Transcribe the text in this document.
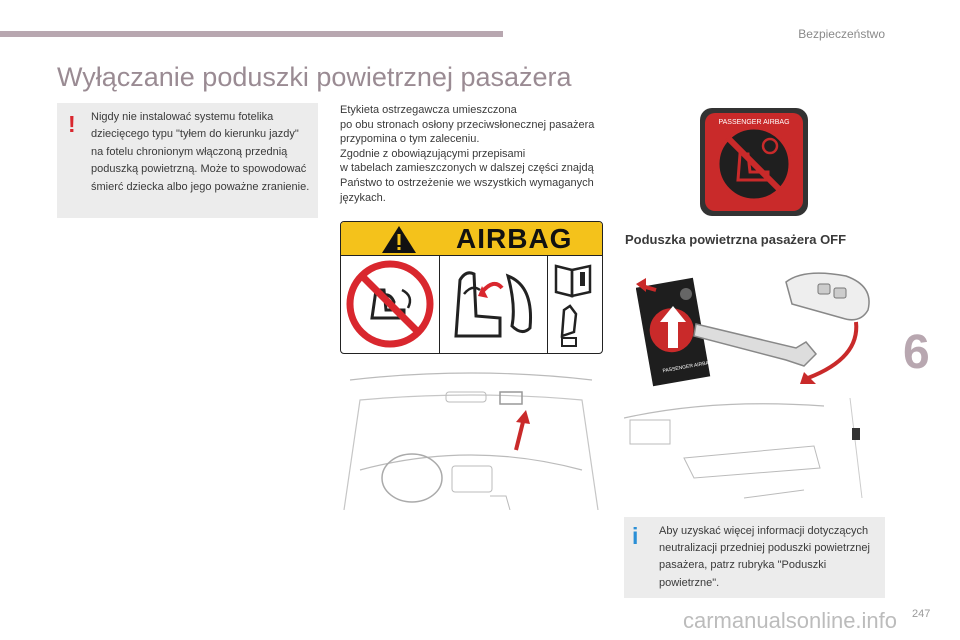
Bezpieczeństwo
Wyłączanie poduszki powietrznej pasażera
! Nigdy nie instalować systemu fotelika dziecięcego typu "tyłem do kierunku jazdy" na fotelu chronionym włączoną przednią poduszką powietrzną. Może to spowodować śmierć dziecka albo jego poważne zranienie.
Etykieta ostrzegawcza umieszczona
po obu stronach osłony przeciwsłonecznej pasażera przypomina o tym zaleceniu.
Zgodnie z obowiązującymi przepisami
w tabelach zamieszczonych w dalszej części znajdą Państwo to ostrzeżenie we wszystkich wymaganych językach.
AIRBAG
PASSENGER AIRBAG
Poduszka powietrzna pasażera OFF
PASSENGER AIRBAG
i Aby uzyskać więcej informacji dotyczących neutralizacji przedniej poduszki powietrznej pasażera, patrz rubryka "Poduszki powietrzne".
6
carmanualsonline.info 247
